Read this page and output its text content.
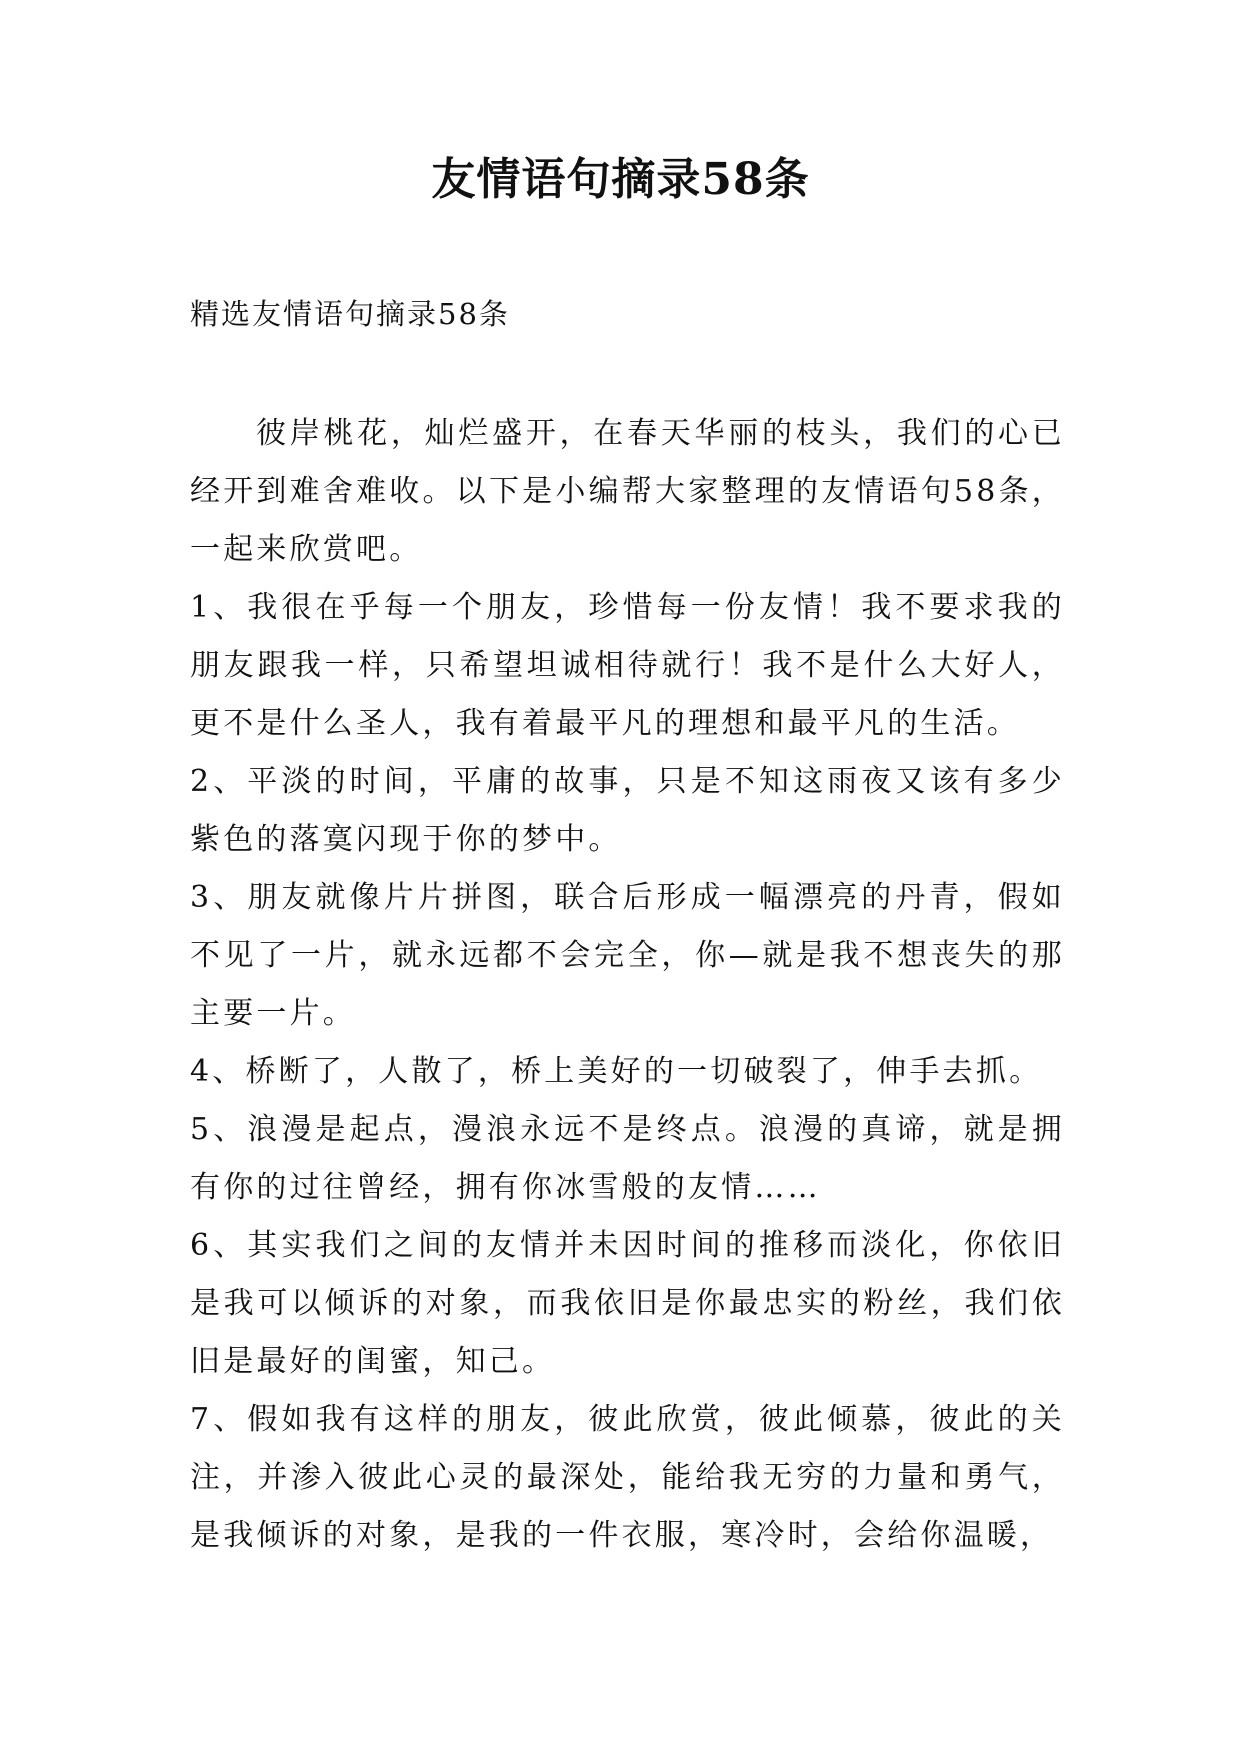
友情语句摘录58条

精选友情语句摘录58条

彼岸桃花，灿烂盛开，在春天华丽的枝头，我们的心已经开到难舍难收。以下是小编帮大家整理的友情语句58条，一起来欣赏吧。

1、我很在乎每一个朋友，珍惜每一份友情！我不要求我的朋友跟我一样，只希望坦诚相待就行！我不是什么大好人，更不是什么圣人，我有着最平凡的理想和最平凡的生活。

2、平淡的时间，平庸的故事，只是不知这雨夜又该有多少紫色的落寞闪现于你的梦中。

3、朋友就像片片拼图，联合后形成一幅漂亮的丹青，假如不见了一片，就永远都不会完全，你—就是我不想丧失的那主要一片。

4、桥断了，人散了，桥上美好的一切破裂了，伸手去抓。

5、浪漫是起点，漫浪永远不是终点。浪漫的真谛，就是拥有你的过往曾经，拥有你冰雪般的友情……

6、其实我们之间的友情并未因时间的推移而淡化，你依旧是我可以倾诉的对象，而我依旧是你最忠实的粉丝，我们依旧是最好的闺蜜，知己。

7、假如我有这样的朋友，彼此欣赏，彼此倾慕，彼此的关注，并渗入彼此心灵的最深处，能给我无穷的力量和勇气，是我倾诉的对象，是我的一件衣服，寒冷时，会给你温暖，
